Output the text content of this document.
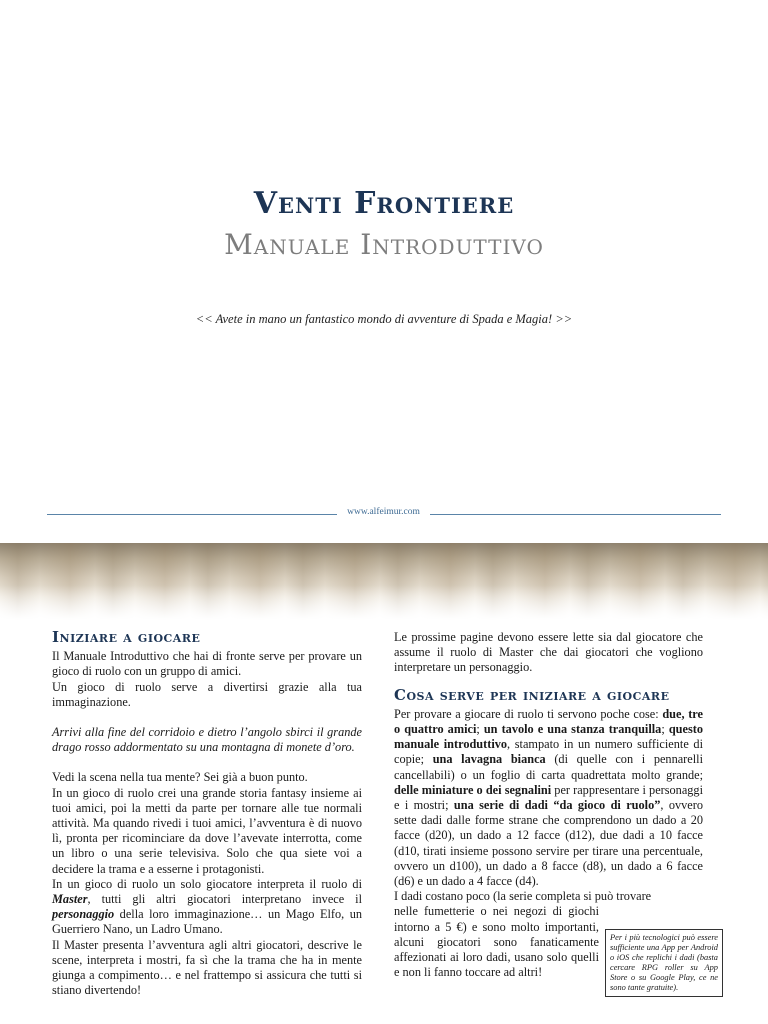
Venti Frontiere
Manuale Introduttivo
<< Avete in mano un fantastico mondo di avventure di Spada e Magia! >>
www.alfeimur.com
Iniziare a giocare

Il Manuale Introduttivo che hai di fronte serve per provare un gioco di ruolo con un gruppo di amici.

Un gioco di ruolo serve a divertirsi grazie alla tua immaginazione.

Arrivi alla fine del corridoio e dietro l’angolo sbirci il grande drago rosso addormentato su una montagna di monete d’oro.

Vedi la scena nella tua mente? Sei già a buon punto.

In un gioco di ruolo crei una grande storia fantasy insieme ai tuoi amici, poi la metti da parte per tornare alle tue normali attività. Ma quando rivedi i tuoi amici, l’avventura è di nuovo lì, pronta per ricominciare da dove l’avevate interrotta, come un libro o una serie televisiva. Solo che qua siete voi a decidere la trama e a esserne i protagonisti.

In un gioco di ruolo un solo giocatore interpreta il ruolo di Master, tutti gli altri giocatori interpretano invece il personaggio della loro immaginazione… un Mago Elfo, un Guerriero Nano, un Ladro Umano.

Il Master presenta l’avventura agli altri giocatori, descrive le scene, interpreta i mostri, fa sì che la trama che ha in mente giunga a compimento… e nel frattempo si assicura che tutti si stiano divertendo!

Le prossime pagine devono essere lette sia dal giocatore che assume il ruolo di Master che dai giocatori che vogliono interpretare un personaggio.

Cosa serve per iniziare a giocare

Per provare a giocare di ruolo ti servono poche cose: due, tre o quattro amici; un tavolo e una stanza tranquilla; questo manuale introduttivo, stampato in un numero sufficiente di copie; una lavagna bianca (di quelle con i pennarelli cancellabili) o un foglio di carta quadrettata molto grande; delle miniature o dei segnalini per rappresentare i personaggi e i mostri; una serie di dadi “da gioco di ruolo”, ovvero sette dadi dalle forme strane che comprendono un dado a 20 facce (d20), un dado a 12 facce (d12), due dadi a 10 facce (d10, tirati insieme possono servire per tirare una percentuale, ovvero un d100), un dado a 8 facce (d8), un dado a 6 facce (d6) e un dado a 4 facce (d4).

I dadi costano poco (la serie completa si può trovare

nelle fumetterie o nei negozi di giochi intorno a 5 €) e sono molto importanti, alcuni giocatori sono fanaticamente affezionati ai loro dadi, usano solo quelli e non li fanno toccare ad altri!

Per i più tecnologici può essere sufficiente una App per Android o iOS che replichi i dadi (basta cercare RPG roller su App Store o su Google Play, ce ne sono tante gratuite).
